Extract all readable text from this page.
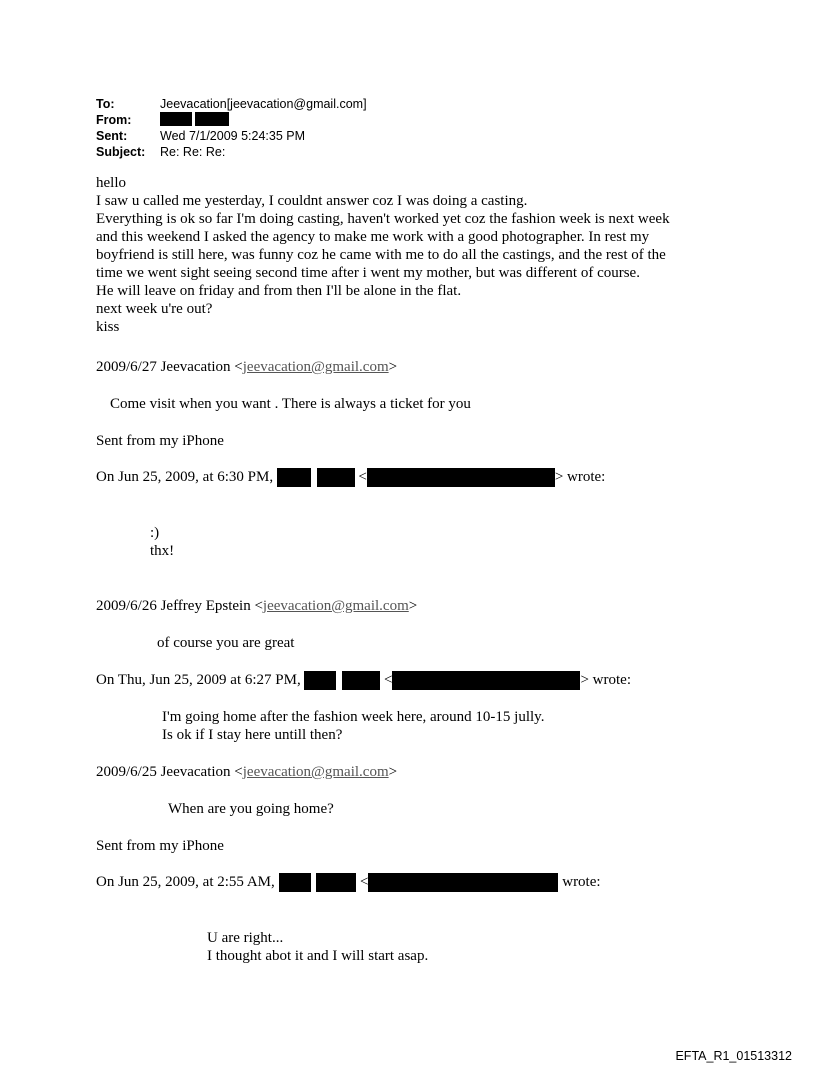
To:	Jeevacation[jeevacation@gmail.com]
From:
Sent:	Wed 7/1/2009 5:24:35 PM
Subject:	Re: Re: Re:
hello
I saw u called me yesterday, I couldnt answer coz I was doing a casting.
Everything is ok so far I'm doing casting, haven't worked yet coz the fashion week is next week
and this weekend I asked the agency to make me work with a good photographer. In rest my
boyfriend is still here, was funny coz he came with me to do all the castings, and the rest of the
time we went sight seeing second time after i went my mother, but was different of course.
He will leave on friday and from then I'll be alone in the flat.
next week u're out?
kiss
2009/6/27 Jeevacation <jeevacation@gmail.com>
Come visit when you want . There is always a ticket for you
Sent from my iPhone
On Jun 25, 2009, at 6:30 PM,	<	> wrote:
:)
thx!
2009/6/26 Jeffrey Epstein <jeevacation@gmail.com>
of course you are great
On Thu, Jun 25, 2009 at 6:27 PM,	<	> wrote:
I'm going home after the fashion week here, around 10-15 jully.
Is ok if I stay here untill then?
2009/6/25 Jeevacation <jeevacation@gmail.com>
When are you going home?
Sent from my iPhone
On Jun 25, 2009, at 2:55 AM,	<	wrote:
U are right...
I thought abot it and I will start asap.
EFTA_R1_01513312
